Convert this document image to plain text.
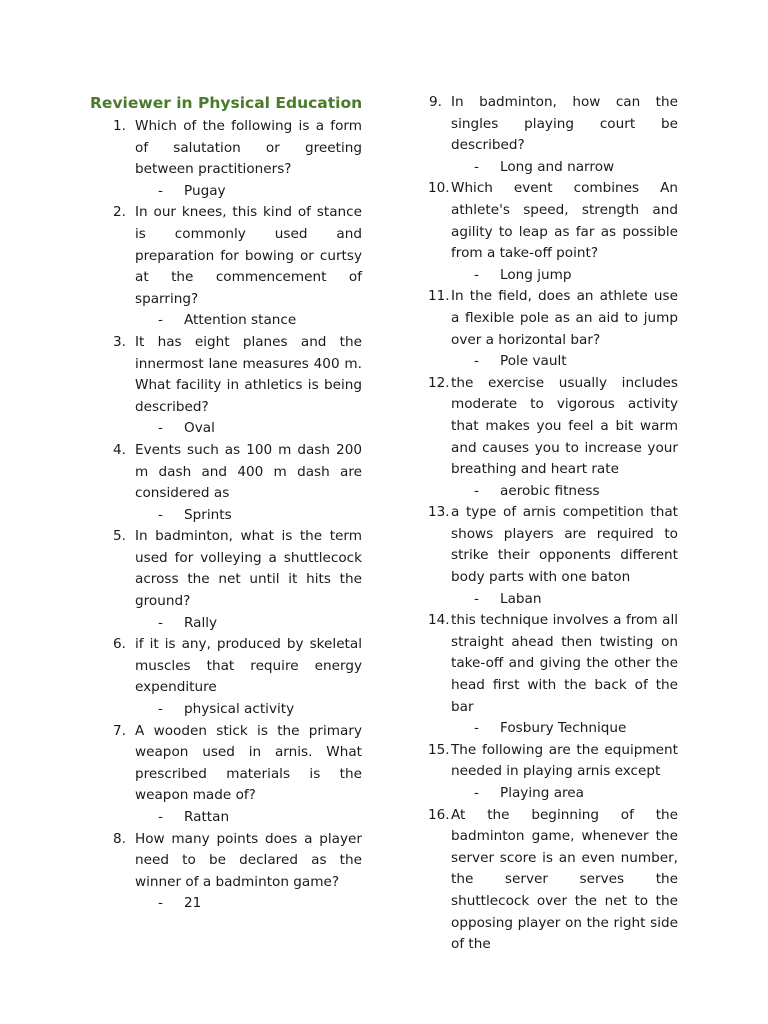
Reviewer in Physical Education
1. Which of the following is a form of salutation or greeting between practitioners?
-	Pugay
2. In our knees, this kind of stance is commonly used and preparation for bowing or curtsy at the commencement of sparring?
-	Attention stance
3. It has eight planes and the innermost lane measures 400 m. What facility in athletics is being described?
-	Oval
4. Events such as 100 m dash 200 m dash and 400 m dash are considered as
-	Sprints
5. In badminton, what is the term used for volleying a shuttlecock across the net until it hits the ground?
-	Rally
6. if it is any, produced by skeletal muscles that require energy expenditure
-	physical activity
7. A wooden stick is the primary weapon used in arnis. What prescribed materials is the weapon made of?
-	Rattan
8. How many points does a player need to be declared as the winner of a badminton game?
-	21
9. In badminton, how can the singles playing court be described?
-	Long and narrow
10. Which event combines An athlete's speed, strength and agility to leap as far as possible from a take-off point?
-	Long jump
11. In the field, does an athlete use a flexible pole as an aid to jump over a horizontal bar?
-	Pole vault
12. the exercise usually includes moderate to vigorous activity that makes you feel a bit warm and causes you to increase your breathing and heart rate
-	aerobic fitness
13. a type of arnis competition that shows players are required to strike their opponents different body parts with one baton
-	Laban
14. this technique involves a from all straight ahead then twisting on take-off and giving the other the head first with the back of the bar
-	Fosbury Technique
15. The following are the equipment needed in playing arnis except
-	Playing area
16. At the beginning of the badminton game, whenever the server score is an even number, the server serves the shuttlecock over the net to the opposing player on the right side of the
